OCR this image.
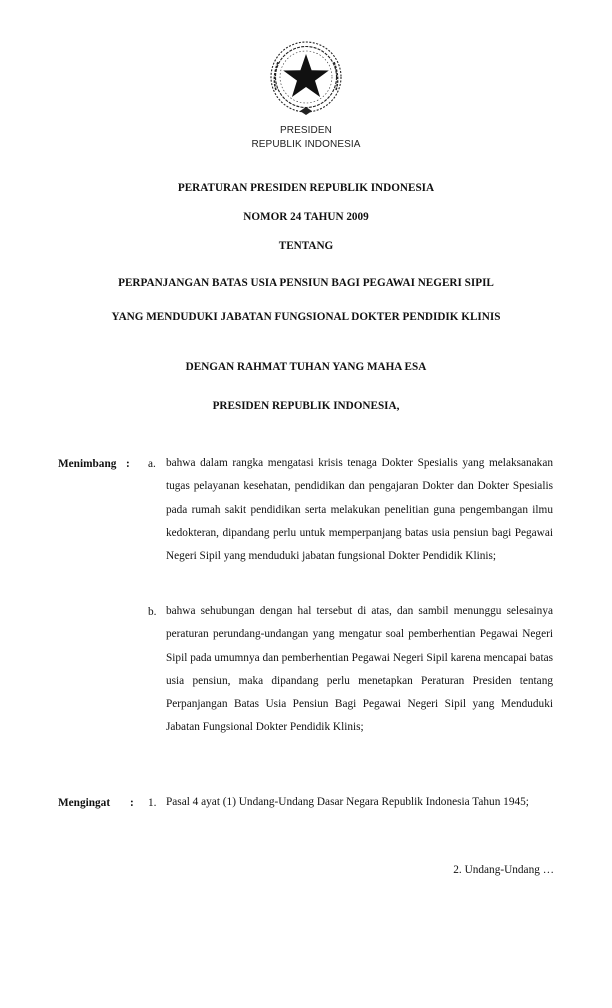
PRESIDEN
REPUBLIK INDONESIA
PERATURAN PRESIDEN REPUBLIK INDONESIA
NOMOR 24 TAHUN 2009
TENTANG
PERPANJANGAN BATAS USIA PENSIUN BAGI PEGAWAI NEGERI SIPIL
YANG MENDUDUKI JABATAN FUNGSIONAL DOKTER PENDIDIK KLINIS
DENGAN RAHMAT TUHAN YANG MAHA ESA
PRESIDEN REPUBLIK INDONESIA,
Menimbang : a. bahwa dalam rangka mengatasi krisis tenaga Dokter Spesialis yang melaksanakan tugas pelayanan kesehatan, pendidikan dan pengajaran Dokter dan Dokter Spesialis pada rumah sakit pendidikan serta melakukan penelitian guna pengembangan ilmu kedokteran, dipandang perlu untuk memperpanjang batas usia pensiun bagi Pegawai Negeri Sipil yang menduduki jabatan fungsional Dokter Pendidik Klinis;
b. bahwa sehubungan dengan hal tersebut di atas, dan sambil menunggu selesainya peraturan perundang-undangan yang mengatur soal pemberhentian Pegawai Negeri Sipil pada umumnya dan pemberhentian Pegawai Negeri Sipil karena mencapai batas usia pensiun, maka dipandang perlu menetapkan Peraturan Presiden tentang Perpanjangan Batas Usia Pensiun Bagi Pegawai Negeri Sipil yang Menduduki Jabatan Fungsional Dokter Pendidik Klinis;
Mengingat : 1. Pasal 4 ayat (1) Undang-Undang Dasar Negara Republik Indonesia Tahun 1945;
2. Undang-Undang …
